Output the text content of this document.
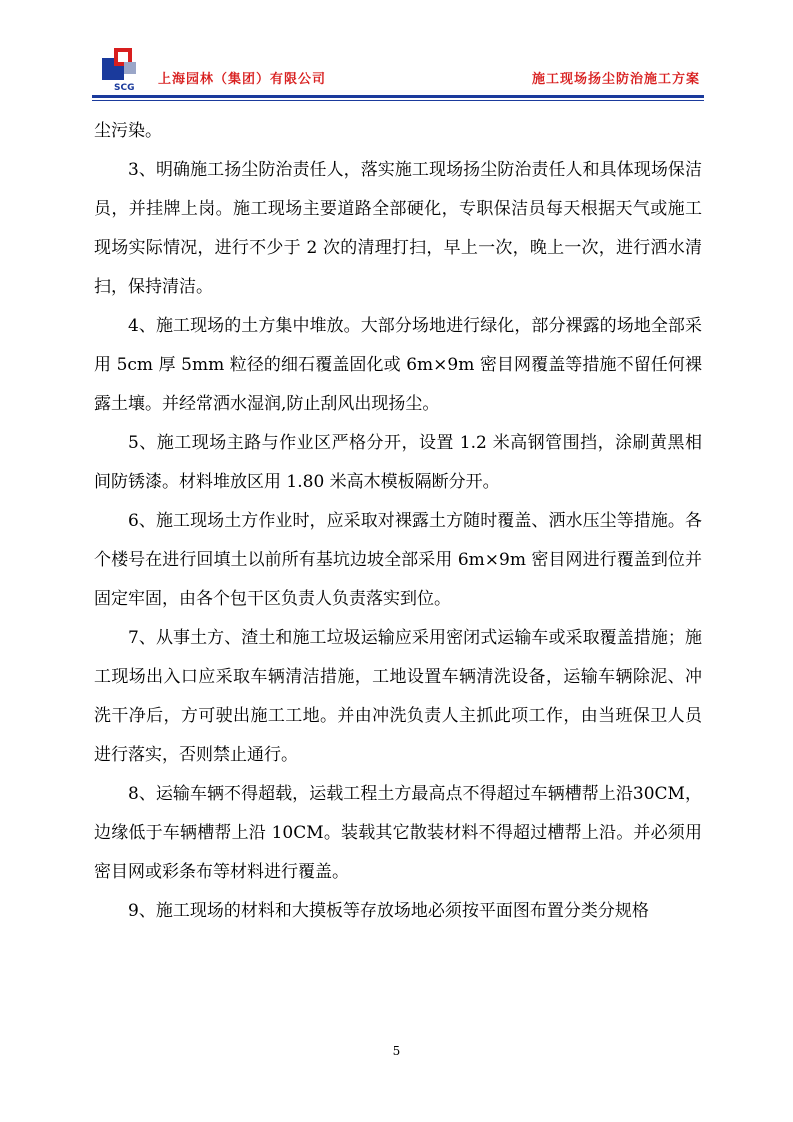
SCG
上海园林（集团）有限公司	施工现场扬尘防治施工方案

尘污染。

3、明确施工扬尘防治责任人，落实施工现场扬尘防治责任人和具体现场保洁员，并挂牌上岗。施工现场主要道路全部硬化，专职保洁员每天根据天气或施工现场实际情况，进行不少于 2 次的清理打扫，早上一次，晚上一次，进行洒水清扫，保持清洁。

4、施工现场的土方集中堆放。大部分场地进行绿化，部分裸露的场地全部采用 5cm 厚 5mm 粒径的细石覆盖固化或 6m×9m 密目网覆盖等措施不留任何裸露土壤。并经常洒水湿润,防止刮风出现扬尘。

5、施工现场主路与作业区严格分开，设置 1.2 米高钢管围挡，涂刷黄黑相间防锈漆。材料堆放区用 1.80 米高木模板隔断分开。

6、施工现场土方作业时，应采取对裸露土方随时覆盖、洒水压尘等措施。各个楼号在进行回填土以前所有基坑边坡全部采用 6m×9m 密目网进行覆盖到位并固定牢固，由各个包干区负责人负责落实到位。

7、从事土方、渣土和施工垃圾运输应采用密闭式运输车或采取覆盖措施；施工现场出入口应采取车辆清洁措施，工地设置车辆清洗设备，运输车辆除泥、冲洗干净后，方可驶出施工工地。并由冲洗负责人主抓此项工作，由当班保卫人员进行落实，否则禁止通行。

8、运输车辆不得超载，运载工程土方最高点不得超过车辆槽帮上沿30CM，边缘低于车辆槽帮上沿 10CM。装载其它散装材料不得超过槽帮上沿。并必须用密目网或彩条布等材料进行覆盖。

9、施工现场的材料和大摸板等存放场地必须按平面图布置分类分规格

5
